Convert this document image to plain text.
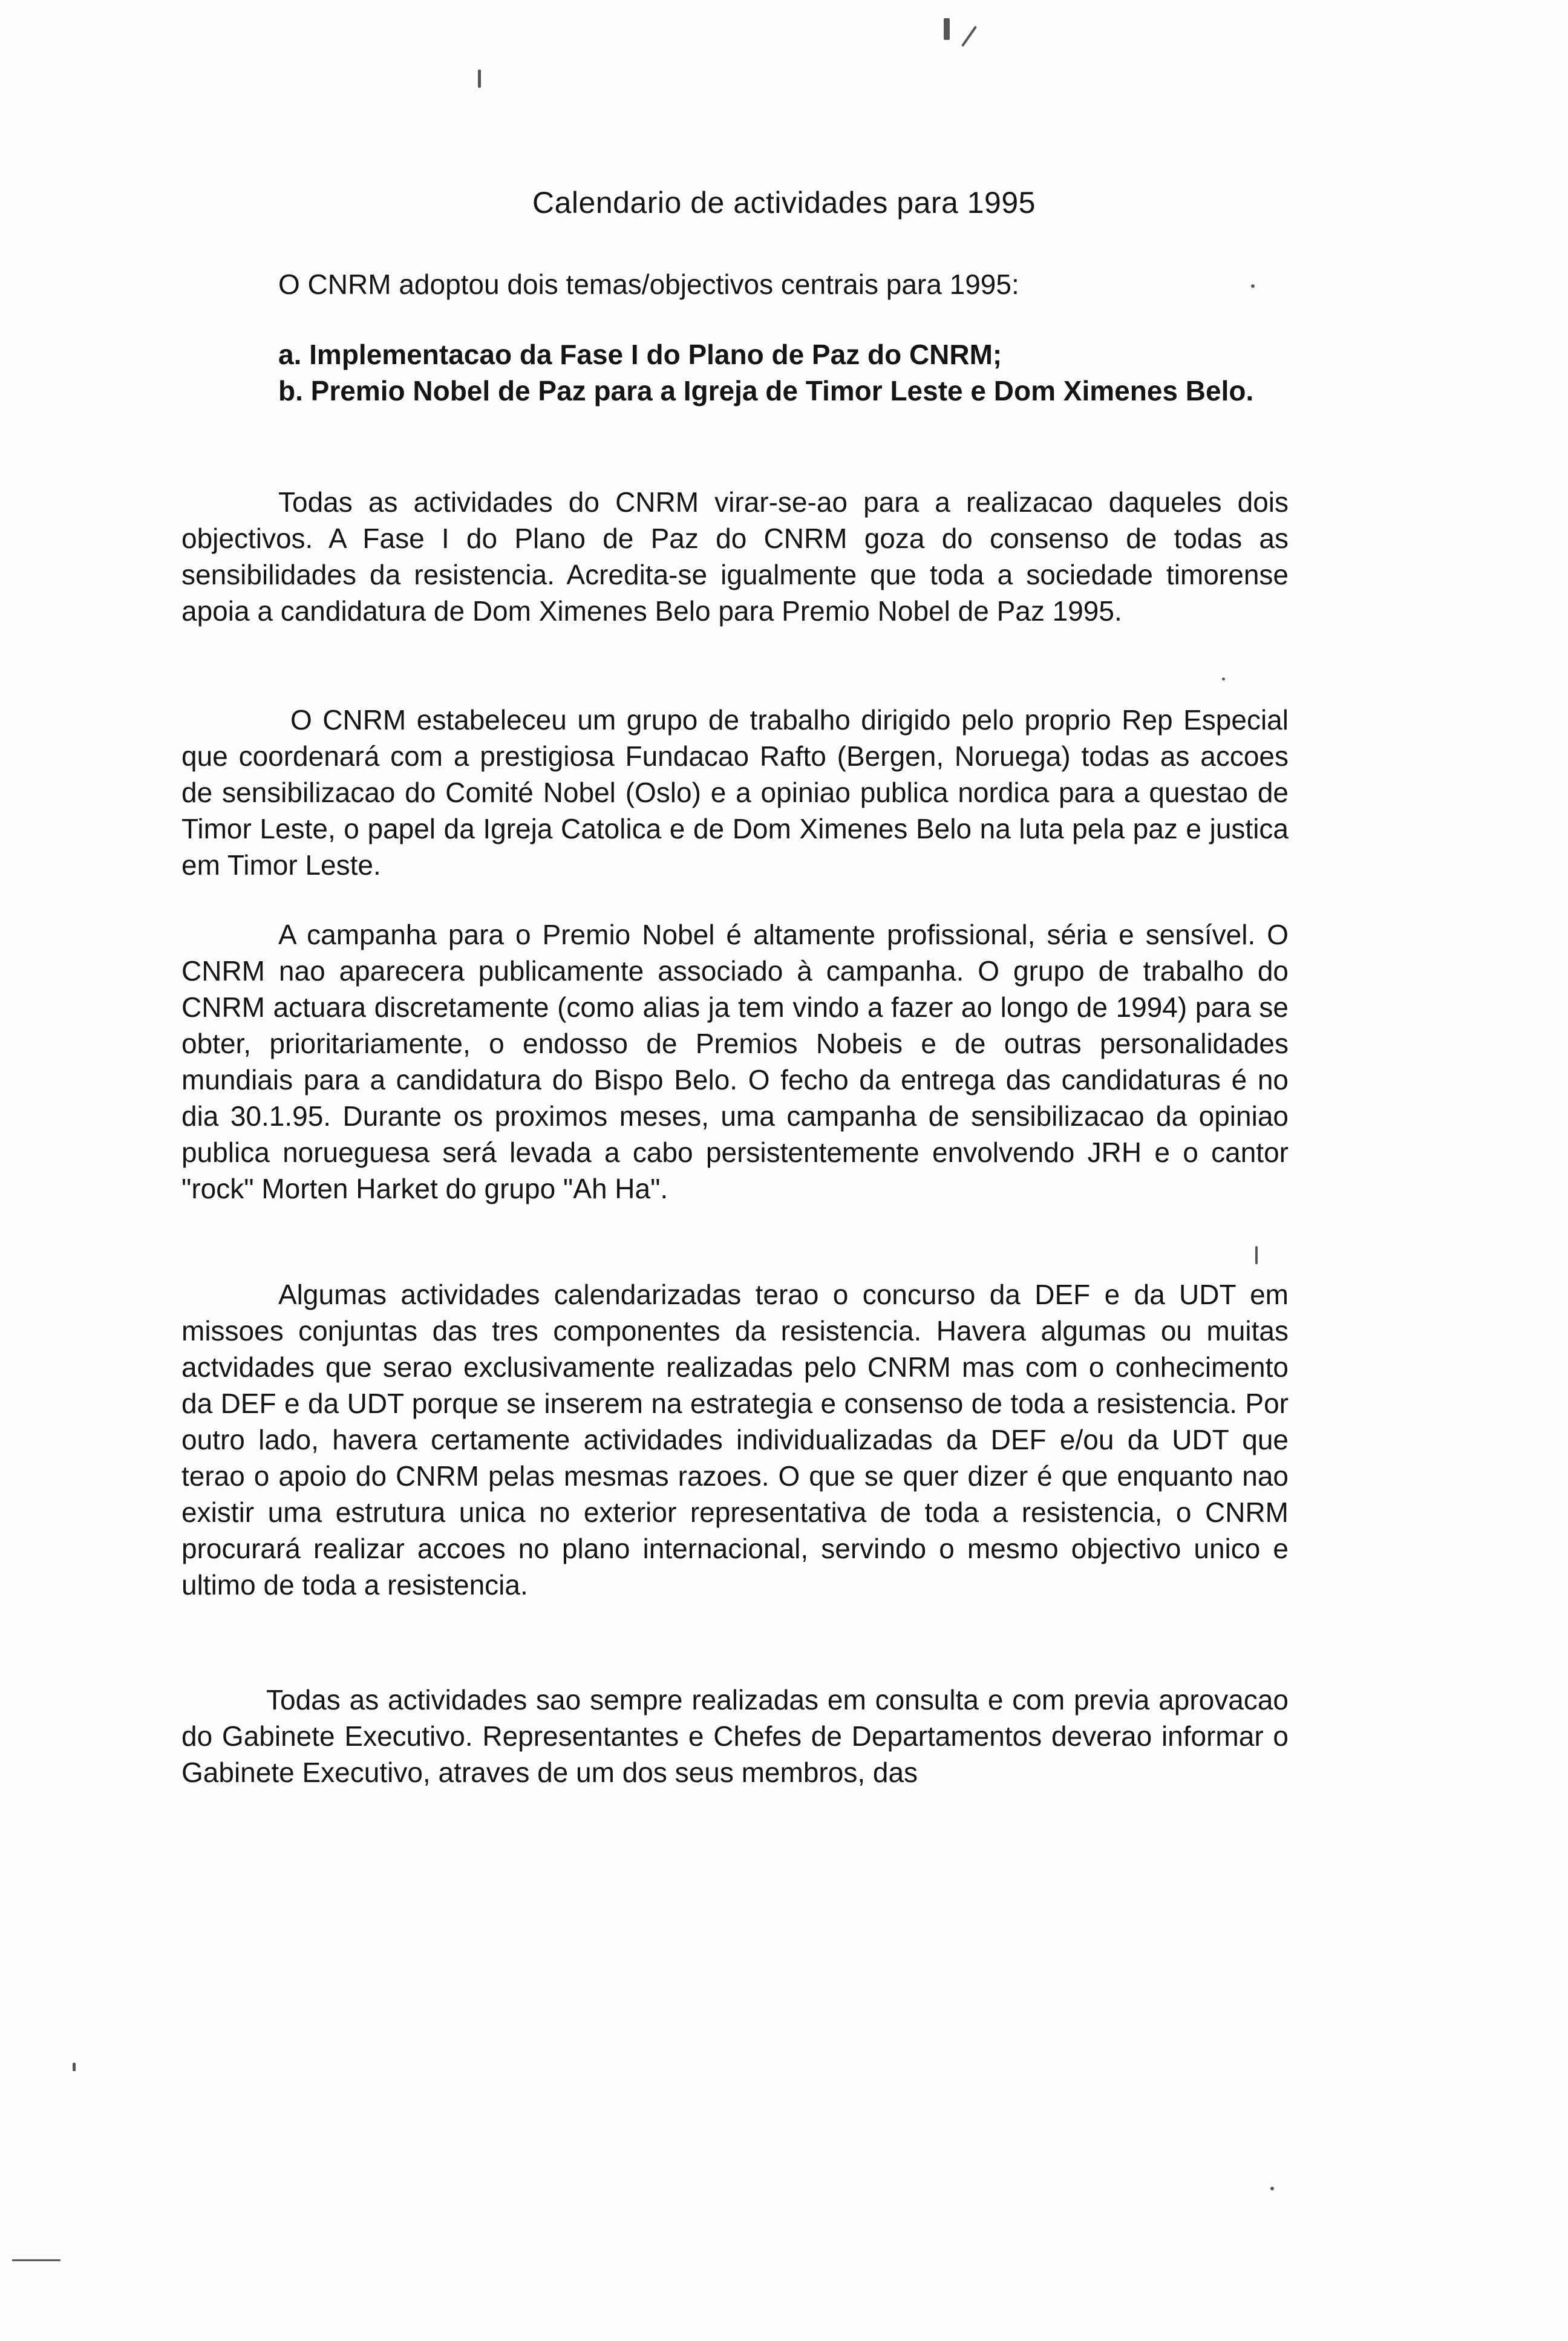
Calendario de actividades para 1995

O CNRM adoptou dois temas/objectivos centrais para 1995:

a. Implementacao da Fase I do Plano de Paz do CNRM;
b. Premio Nobel de Paz para a Igreja de Timor Leste e Dom Ximenes Belo.

Todas as actividades do CNRM virar-se-ao para a realizacao daqueles dois objectivos. A Fase I do Plano de Paz do CNRM goza do consenso de todas as sensibilidades da resistencia. Acredita-se igualmente que toda a sociedade timorense apoia a candidatura de Dom Ximenes Belo para Premio Nobel de Paz 1995.

O CNRM estabeleceu um grupo de trabalho dirigido pelo proprio Rep Especial que coordenará com a prestigiosa Fundacao Rafto (Bergen, Noruega) todas as accoes de sensibilizacao do Comité Nobel (Oslo) e a opiniao publica nordica para a questao de Timor Leste, o papel da Igreja Catolica e de Dom Ximenes Belo na luta pela paz e justica em Timor Leste.

A campanha para o Premio Nobel é altamente profissional, séria e sensível. O CNRM nao aparecera publicamente associado à campanha. O grupo de trabalho do CNRM actuara discretamente (como alias ja tem vindo a fazer ao longo de 1994) para se obter, prioritariamente, o endosso de Premios Nobeis e de outras personalidades mundiais para a candidatura do Bispo Belo. O fecho da entrega das candidaturas é no dia 30.1.95. Durante os proximos meses, uma campanha de sensibilizacao da opiniao publica norueguesa será levada a cabo persistentemente envolvendo JRH e o cantor "rock" Morten Harket do grupo "Ah Ha".

Algumas actividades calendarizadas terao o concurso da DEF e da UDT em missoes conjuntas das tres componentes da resistencia. Havera algumas ou muitas actvidades que serao exclusivamente realizadas pelo CNRM mas com o conhecimento da DEF e da UDT porque se inserem na estrategia e consenso de toda a resistencia. Por outro lado, havera certamente actividades individualizadas da DEF e/ou da UDT que terao o apoio do CNRM pelas mesmas razoes. O que se quer dizer é que enquanto nao existir uma estrutura unica no exterior representativa de toda a resistencia, o CNRM procurará realizar accoes no plano internacional, servindo o mesmo objectivo unico e ultimo de toda a resistencia.

Todas as actividades sao sempre realizadas em consulta e com previa aprovacao do Gabinete Executivo. Representantes e Chefes de Departamentos deverao informar o Gabinete Executivo, atraves de um dos seus membros, das
